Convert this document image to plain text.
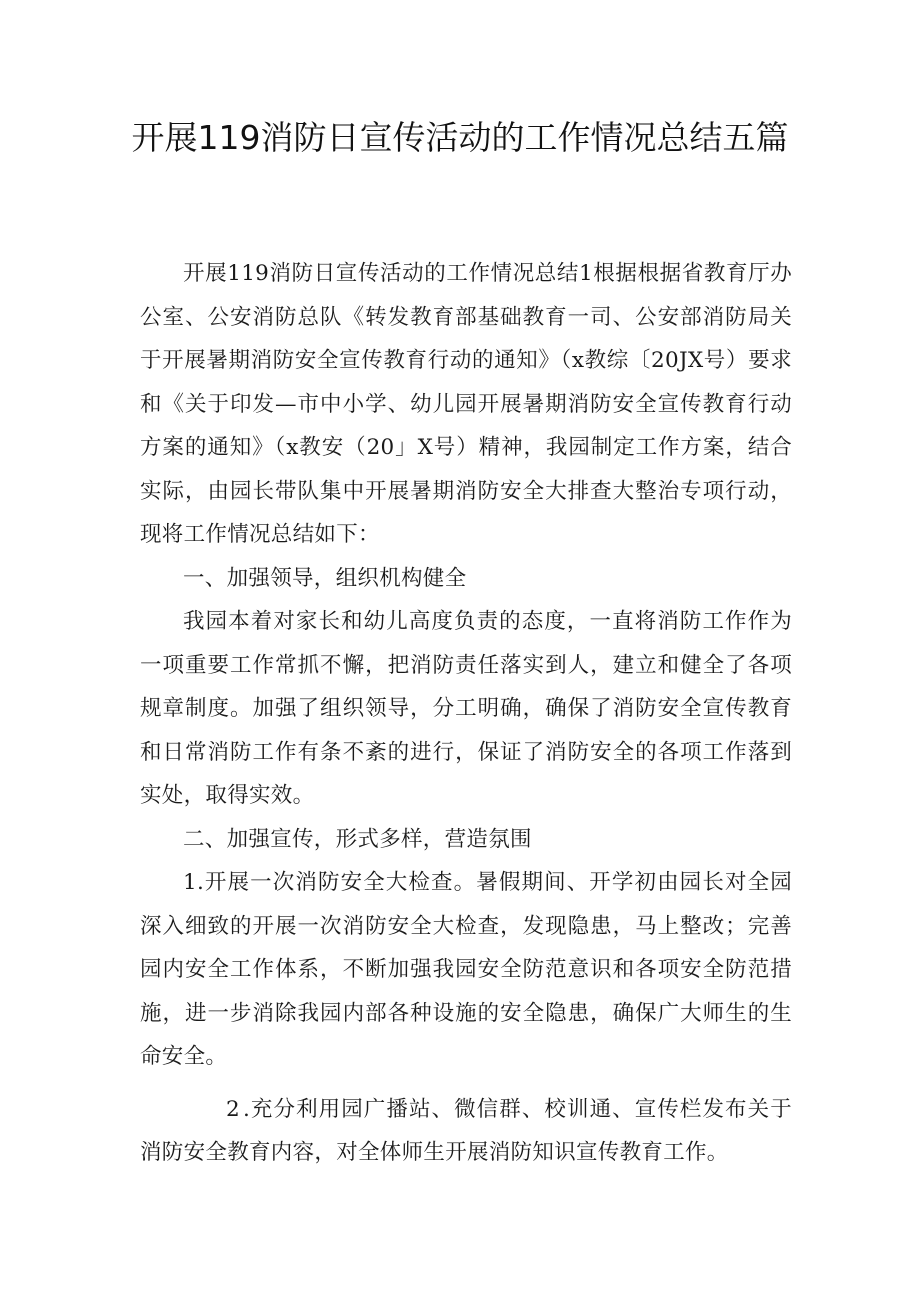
开展119消防日宣传活动的工作情况总结五篇

开展119消防日宣传活动的工作情况总结1根据根据省教育厅办公室、公安消防总队《转发教育部基础教育一司、公安部消防局关于开展暑期消防安全宣传教育行动的通知》（x教综〔20JX号）要求和《关于印发—市中小学、幼儿园开展暑期消防安全宣传教育行动方案的通知》（x教安（20」X号）精神，我园制定工作方案，结合实际，由园长带队集中开展暑期消防安全大排查大整治专项行动，现将工作情况总结如下：

一、加强领导，组织机构健全

我园本着对家长和幼儿高度负责的态度，一直将消防工作作为一项重要工作常抓不懈，把消防责任落实到人，建立和健全了各项规章制度。加强了组织领导，分工明确，确保了消防安全宣传教育和日常消防工作有条不紊的进行，保证了消防安全的各项工作落到实处，取得实效。

二、加强宣传，形式多样，营造氛围

1.开展一次消防安全大检查。暑假期间、开学初由园长对全园深入细致的开展一次消防安全大检查，发现隐患，马上整改；完善园内安全工作体系，不断加强我园安全防范意识和各项安全防范措施，进一步消除我园内部各种设施的安全隐患，确保广大师生的生命安全。

2 .充分利用园广播站、微信群、校训通、宣传栏发布关于消防安全教育内容，对全体师生开展消防知识宣传教育工作。
